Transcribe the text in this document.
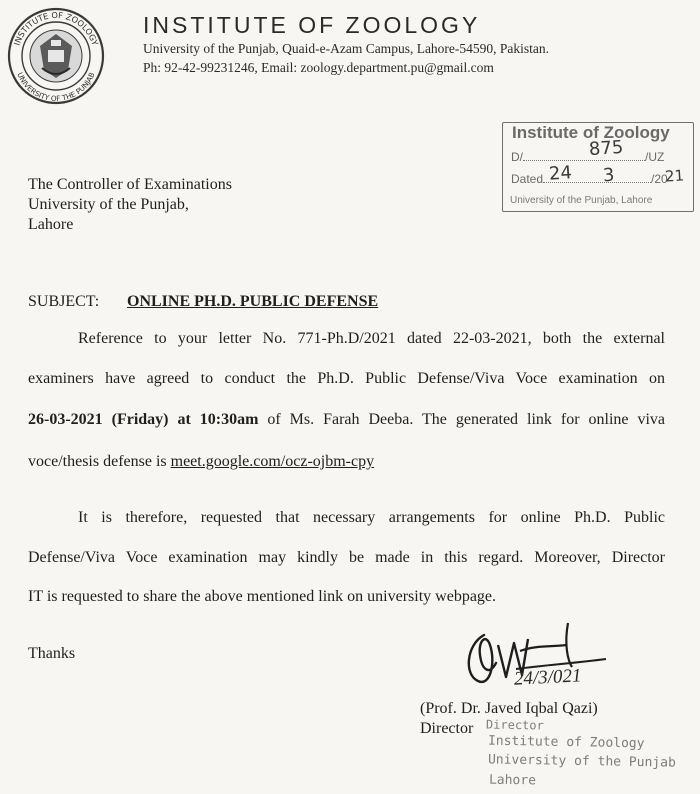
INSTITUTE OF ZOOLOGY
UNIVERSITY OF THE PUNJAB
INSTITUTE OF ZOOLOGY
University of the Punjab, Quaid-e-Azam Campus, Lahore-54590, Pakistan.
Ph: 92-42-99231246, Email: zoology.department.pu@gmail.com
Institute of Zoology
D/	/UZ
Dated	/20
875
24 3	21
University of the Punjab, Lahore
The Controller of Examinations
University of the Punjab,
Lahore
SUBJECT: ONLINE PH.D. PUBLIC DEFENSE
Reference to your letter No. 771-Ph.D/2021 dated 22-03-2021, both the external
examiners have agreed to conduct the Ph.D. Public Defense/Viva Voce examination on
26-03-2021 (Friday) at 10:30am of Ms. Farah Deeba. The generated link for online viva
voce/thesis defense is meet.google.com/ocz-ojbm-cpy
It is therefore, requested that necessary arrangements for online Ph.D. Public
Defense/Viva Voce examination may kindly be made in this regard. Moreover, Director
IT is requested to share the above mentioned link on university webpage.
Thanks
24/3/021
(Prof. Dr. Javed Iqbal Qazi)
Director Director
Institute of Zoology
University of the Punjab
Lahore
